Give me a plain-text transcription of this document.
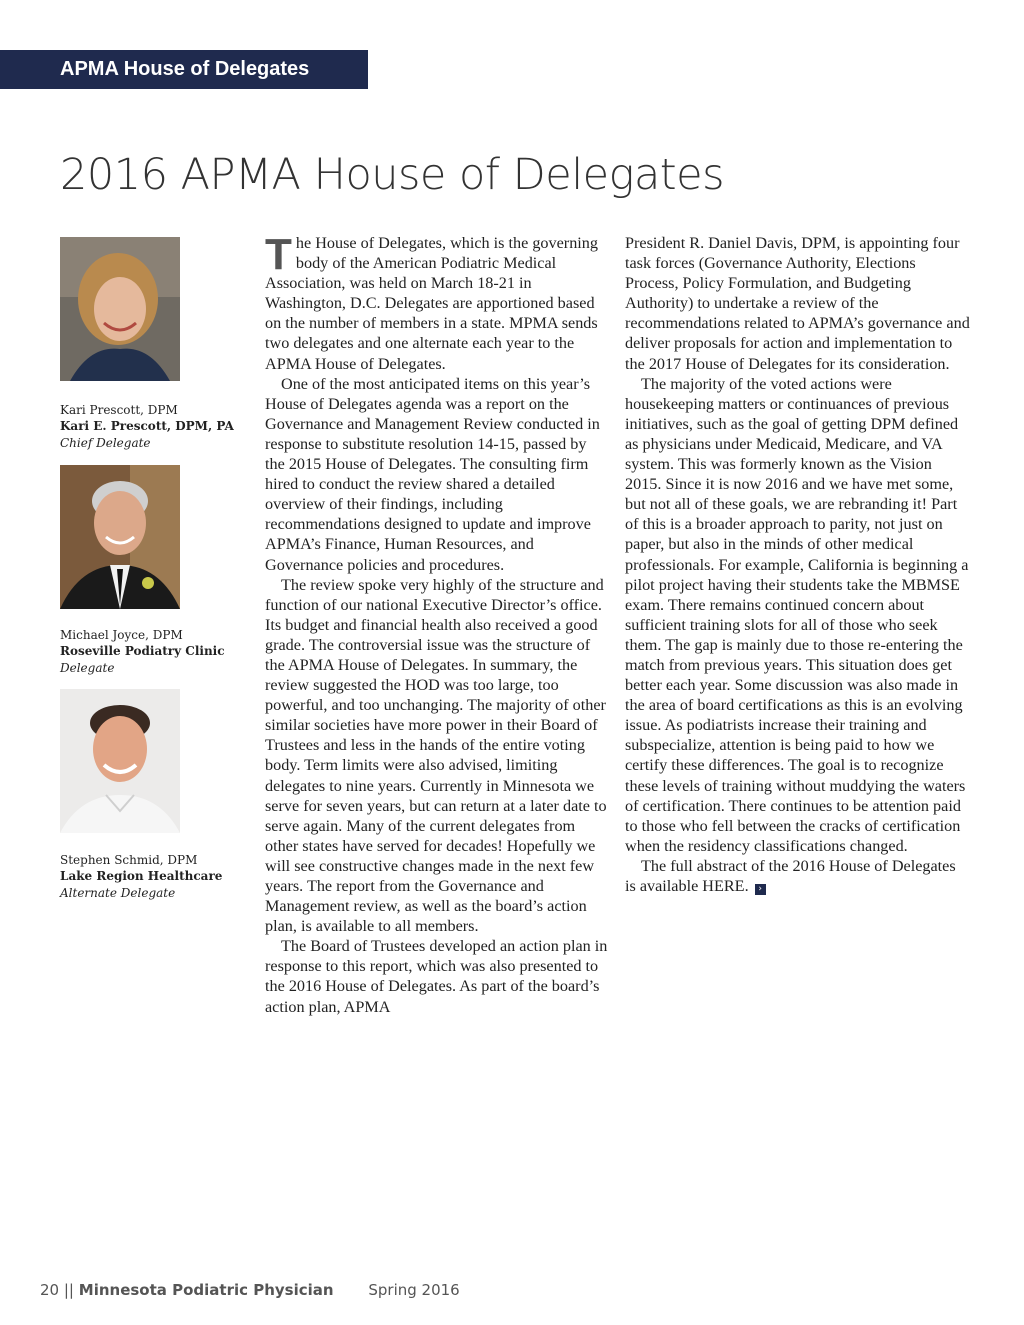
APMA House of Delegates
2016 APMA House of Delegates
Kari Prescott, DPM
Kari E. Prescott, DPM, PA
Chief Delegate
Michael Joyce, DPM
Roseville Podiatry Clinic
Delegate
Stephen Schmid, DPM
Lake Region Healthcare
Alternate Delegate

The House of Delegates, which is the governing body of the American Podiatric Medical Association, was held on March 18-21 in Washington, D.C. Delegates are apportioned based on the number of members in a state. MPMA sends two delegates and one alternate each year to the APMA House of Delegates.

One of the most anticipated items on this year’s House of Delegates agenda was a report on the Governance and Management Review conducted in response to substitute resolution 14-15, passed by the 2015 House of Delegates. The consulting firm hired to conduct the review shared a detailed overview of their findings, including recommendations designed to update and improve APMA’s Finance, Human Resources, and Governance policies and procedures.

The review spoke very highly of the structure and function of our national Executive Director’s office. Its budget and financial health also received a good grade. The controversial issue was the structure of the APMA House of Delegates. In summary, the review suggested the HOD was too large, too powerful, and too unchanging. The majority of other similar societies have more power in their Board of Trustees and less in the hands of the entire voting body. Term limits were also advised, limiting delegates to nine years. Currently in Minnesota we serve for seven years, but can return at a later date to serve again. Many of the current delegates from other states have served for decades! Hopefully we will see constructive changes made in the next few years. The report from the Governance and Management review, as well as the board’s action plan, is available to all members.

The Board of Trustees developed an action plan in response to this report, which was also presented to the 2016 House of Delegates. As part of the board’s action plan, APMA

President R. Daniel Davis, DPM, is appointing four task forces (Governance Authority, Elections Process, Policy Formulation, and Budgeting Authority) to undertake a review of the recommendations related to APMA’s governance and deliver proposals for action and implementation to the 2017 House of Delegates for its consideration.

The majority of the voted actions were housekeeping matters or continuances of previous initiatives, such as the goal of getting DPM defined as physicians under Medicaid, Medicare, and VA system. This was formerly known as the Vision 2015. Since it is now 2016 and we have met some, but not all of these goals, we are rebranding it! Part of this is a broader approach to parity, not just on paper, but also in the minds of other medical professionals. For example, California is beginning a pilot project having their students take the MBMSE exam. There remains continued concern about sufficient training slots for all of those who seek them. The gap is mainly due to those re-entering the match from previous years. This situation does get better each year. Some discussion was also made in the area of board certifications as this is an evolving issue. As podiatrists increase their training and subspecialize, attention is being paid to how we certify these differences. The goal is to recognize these levels of training without muddying the waters of certification. There continues to be attention paid to those who fell between the cracks of certification when the residency classifications changed.

The full abstract of the 2016 House of Delegates is available HERE. ›

20 || Minnesota Podiatric Physician Spring 2016
